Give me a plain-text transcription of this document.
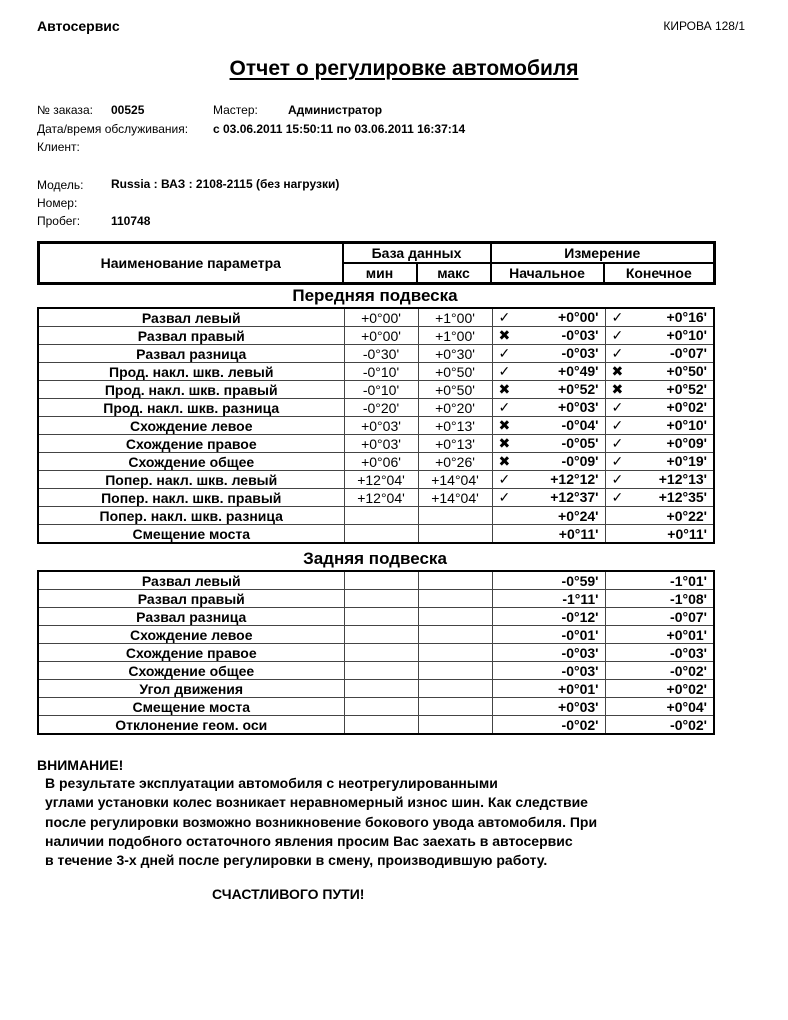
Автосервис	КИРОВА 128/1
Отчет о регулировке автомобиля
№ заказа: 00525	Мастер:	Администратор
Дата/время обслуживания: с 03.06.2011 15:50:11 по 03.06.2011 16:37:14
Клиент:
Модель: Russia : ВАЗ : 2108-2115 (без нагрузки)
Номер:
Пробег:	110748
Наименование параметра	База данных		Измерение	
	мин	макс	Начальное	Конечное
Передняя подвеска
Развал левый	+0°00'	+1°00'	✓ +0°00'	✓ +0°16'
Развал правый	+0°00'	+1°00'	✖ -0°03'	✓ +0°10'
Развал разница	-0°30'	+0°30'	✓ -0°03'	✓ -0°07'
Прод. накл. шкв. левый	-0°10'	+0°50'	✓ +0°49'	✖ +0°50'
Прод. накл. шкв. правый	-0°10'	+0°50'	✖ +0°52'	✖ +0°52'
Прод. накл. шкв. разница	-0°20'	+0°20'	✓ +0°03'	✓ +0°02'
Схождение левое	+0°03'	+0°13'	✖ -0°04'	✓ +0°10'
Схождение правое	+0°03'	+0°13'	✖ -0°05'	✓ +0°09'
Схождение общее	+0°06'	+0°26'	✖ -0°09'	✓ +0°19'
Попер. накл. шкв. левый	+12°04'	+14°04'	✓ +12°12'	✓ +12°13'
Попер. накл. шкв. правый	+12°04'	+14°04'	✓ +12°37'	✓ +12°35'
Попер. накл. шкв. разница			+0°24'	+0°22'
Смещение моста			+0°11'	+0°11'
Задняя подвеска
Развал левый			-0°59'	-1°01'
Развал правый			-1°11'	-1°08'
Развал разница			-0°12'	-0°07'
Схождение левое			-0°01'	+0°01'
Схождение правое			-0°03'	-0°03'
Схождение общее			-0°03'	-0°02'
Угол движения			+0°01'	+0°02'
Смещение моста			+0°03'	+0°04'
Отклонение геом. оси			-0°02'	-0°02'
ВНИМАНИЕ!
В результате эксплуатации автомобиля с неотрегулированными
углами установки колес возникает неравномерный износ шин. Как следствие
после регулировки возможно возникновение бокового увода автомобиля. При
наличии подобного остаточного явления просим Вас заехать в автосервис
в течение 3-х дней после регулировки в смену, производившую работу.
СЧАСТЛИВОГО ПУТИ!
